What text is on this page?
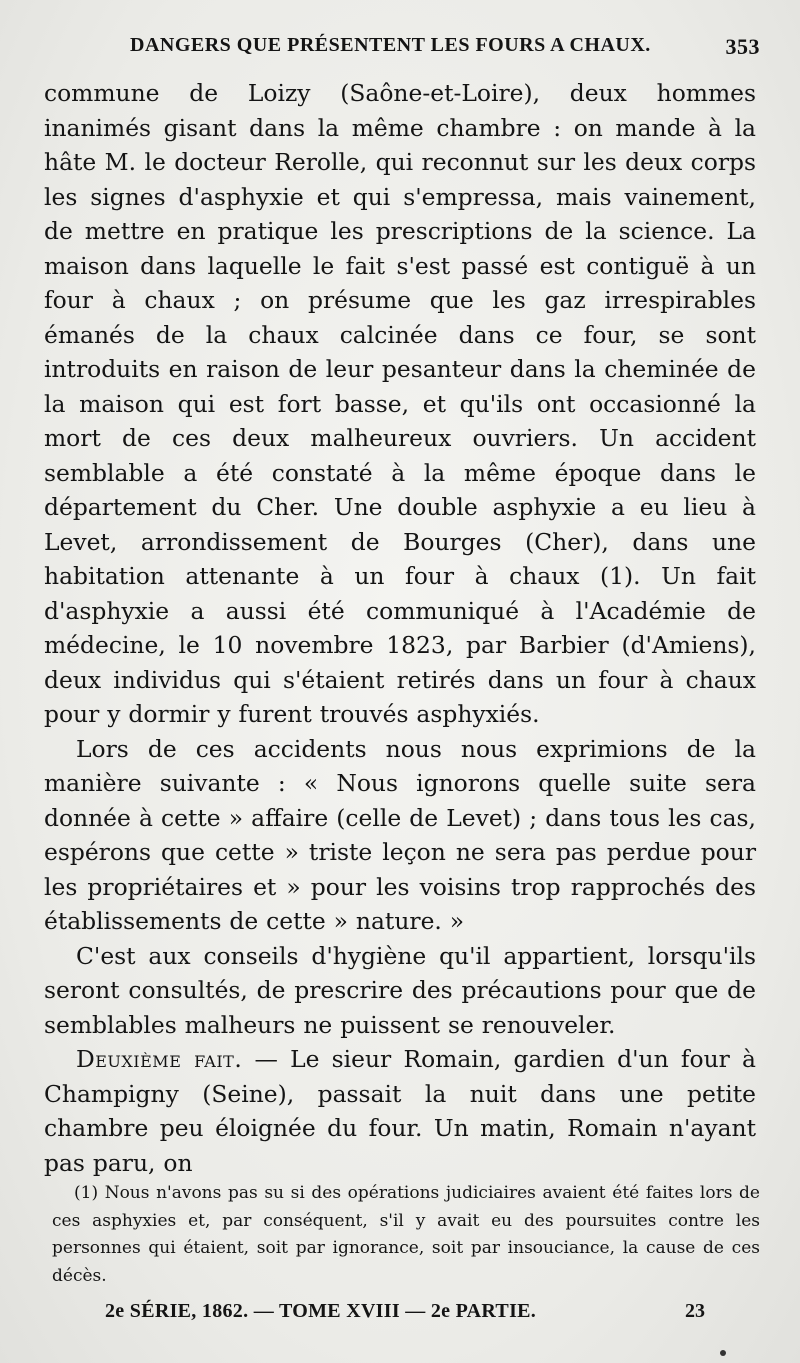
DANGERS QUE PRÉSENTENT LES FOURS A CHAUX.	353

commune de Loizy (Saône-et-Loire), deux hommes inanimés gisant dans la même chambre : on mande à la hâte M. le docteur Rerolle, qui reconnut sur les deux corps les signes d'asphyxie et qui s'empressa, mais vainement, de mettre en pratique les prescriptions de la science. La maison dans laquelle le fait s'est passé est contiguë à un four à chaux ; on présume que les gaz irrespirables émanés de la chaux calcinée dans ce four, se sont introduits en raison de leur pesanteur dans la cheminée de la maison qui est fort basse, et qu'ils ont occasionné la mort de ces deux malheureux ouvriers. Un accident semblable a été constaté à la même époque dans le département du Cher. Une double asphyxie a eu lieu à Levet, arrondissement de Bourges (Cher), dans une habitation attenante à un four à chaux (1). Un fait d'asphyxie a aussi été communiqué à l'Académie de médecine, le 10 novembre 1823, par Barbier (d'Amiens), deux individus qui s'étaient retirés dans un four à chaux pour y dormir y furent trouvés asphyxiés.

Lors de ces accidents nous nous exprimions de la manière suivante : « Nous ignorons quelle suite sera donnée à cette » affaire (celle de Levet) ; dans tous les cas, espérons que cette » triste leçon ne sera pas perdue pour les propriétaires et » pour les voisins trop rapprochés des établissements de cette » nature. »

C'est aux conseils d'hygiène qu'il appartient, lorsqu'ils seront consultés, de prescrire des précautions pour que de semblables malheurs ne puissent se renouveler.

Deuxième fait. — Le sieur Romain, gardien d'un four à Champigny (Seine), passait la nuit dans une petite chambre peu éloignée du four. Un matin, Romain n'ayant pas paru, on

(1) Nous n'avons pas su si des opérations judiciaires avaient été faites lors de ces asphyxies et, par conséquent, s'il y avait eu des poursuites contre les personnes qui étaient, soit par ignorance, soit par insouciance, la cause de ces décès.

2e SÉRIE, 1862. — TOME XVIII — 2e PARTIE.	23
